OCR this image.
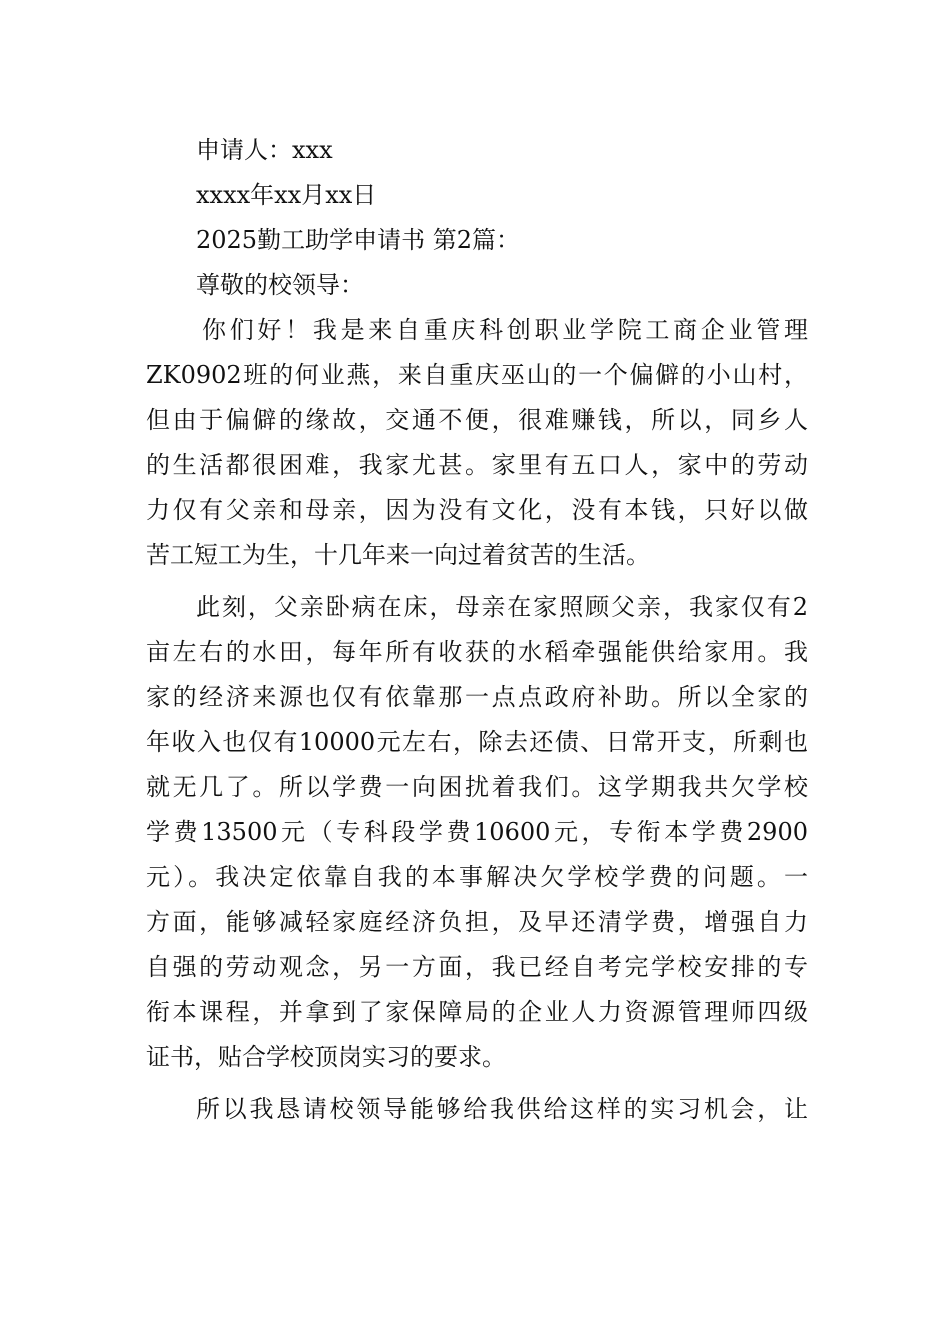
申请人：xxx
xxxx年xx月xx日
2025勤工助学申请书 第2篇：
尊敬的校领导：
你们好！我是来自重庆科创职业学院工商企业管理
ZK0902班的何业燕，来自重庆巫山的一个偏僻的小山村，
但由于偏僻的缘故，交通不便，很难赚钱，所以，同乡人
的生活都很困难，我家尤甚。家里有五口人，家中的劳动
力仅有父亲和母亲，因为没有文化，没有本钱，只好以做
苦工短工为生，十几年来一向过着贫苦的生活。
此刻，父亲卧病在床，母亲在家照顾父亲，我家仅有2
亩左右的水田，每年所有收获的水稻牵强能供给家用。我
家的经济来源也仅有依靠那一点点政府补助。所以全家的
年收入也仅有10000元左右，除去还债、日常开支，所剩也
就无几了。所以学费一向困扰着我们。这学期我共欠学校
学费13500元（专科段学费10600元，专衔本学费2900
元）。我决定依靠自我的本事解决欠学校学费的问题。一
方面，能够减轻家庭经济负担，及早还清学费，增强自力
自强的劳动观念，另一方面，我已经自考完学校安排的专
衔本课程，并拿到了家保障局的企业人力资源管理师四级
证书，贴合学校顶岗实习的要求。
所以我恳请校领导能够给我供给这样的实习机会，让
